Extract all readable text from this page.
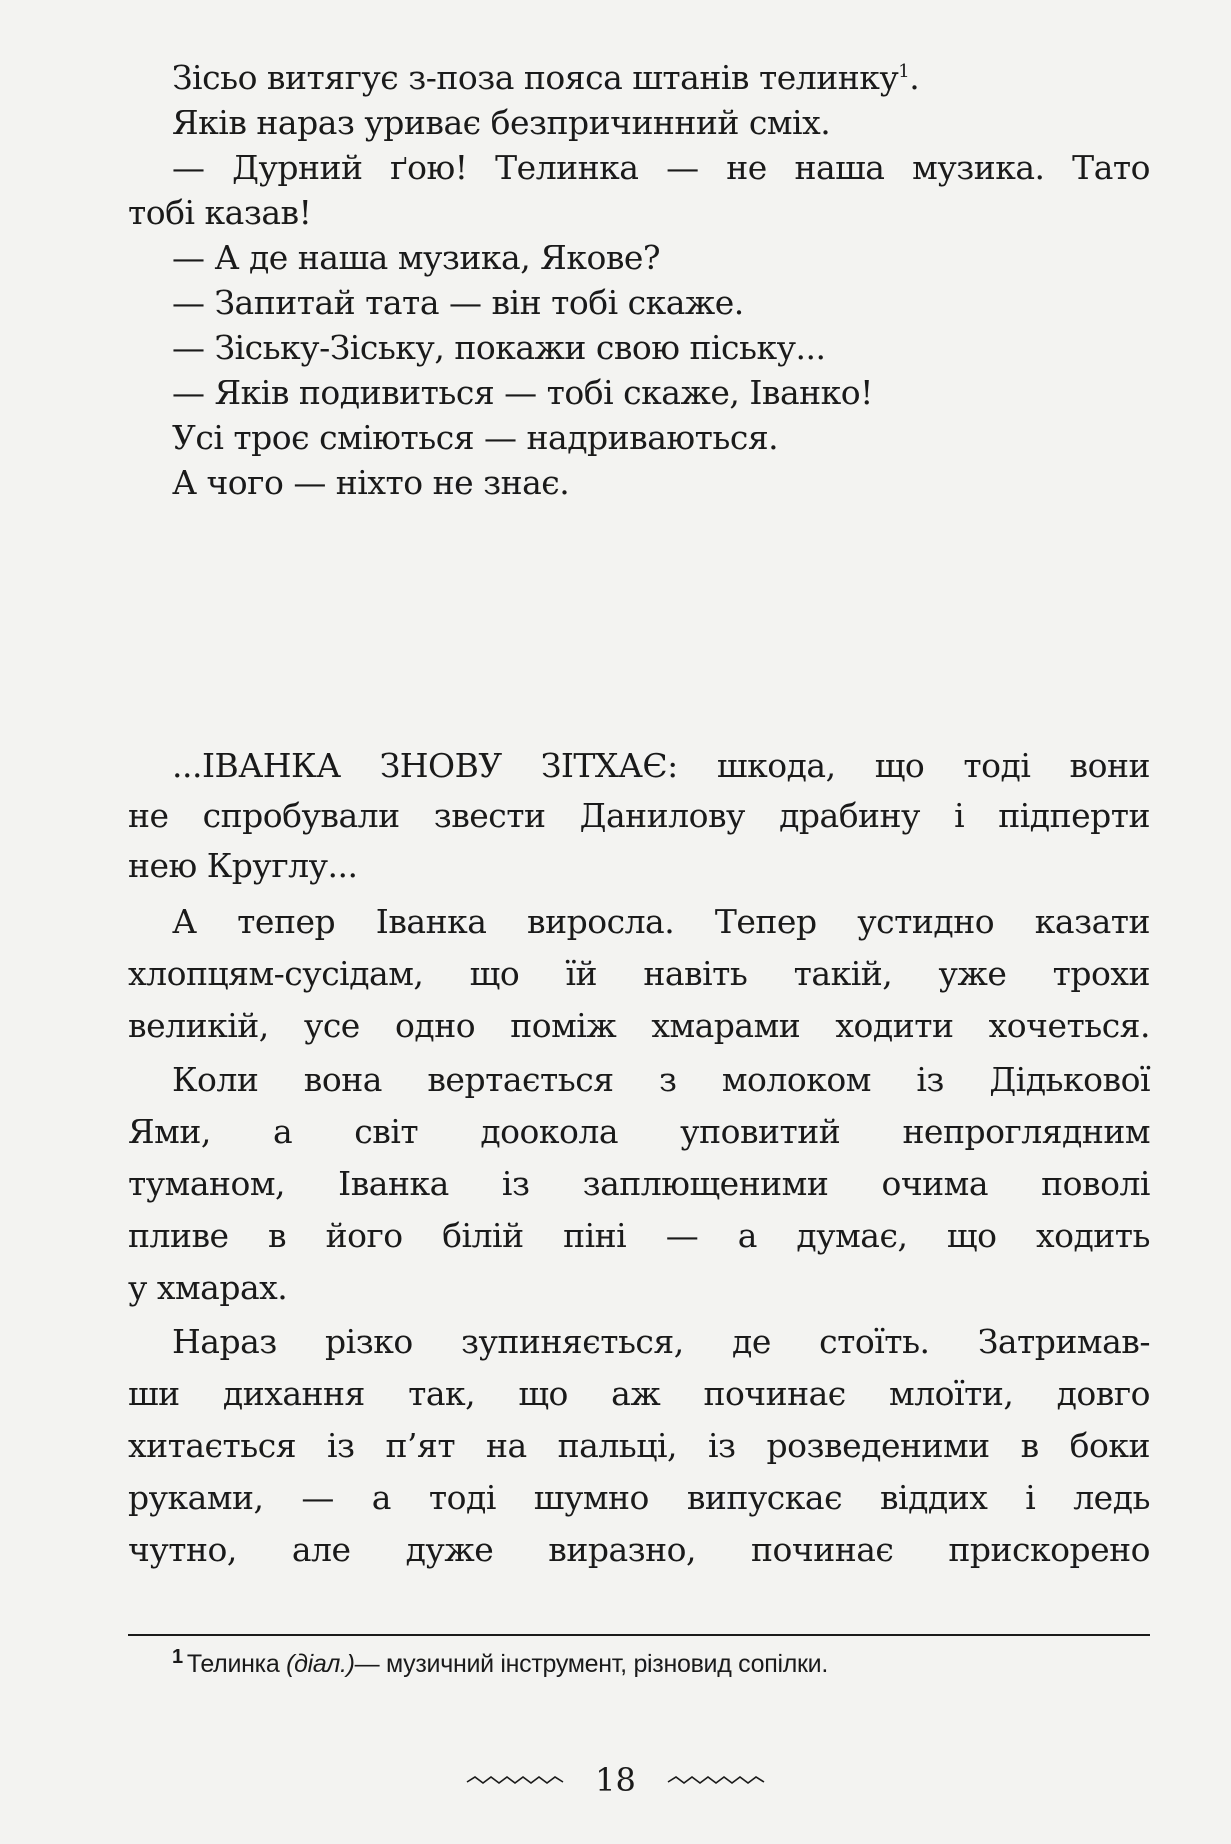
Зісьо витягує з-поза пояса штанів телинку$^1$.
Яків нараз уриває безпричинний сміх.
— Дурний ґою! Телинка — не наша музика. Тато
тобі казав!
— А де наша музика, Якове?
— Запитай тата — він тобі скаже.
— Зіську-Зіську, покажи свою піську...
— Яків подивиться — тобі скаже, Іванко!
Усі троє сміються — надриваються.
А чого — ніхто не знає.
...ІВАНКА ЗНОВУ ЗІТХАЄ: шкода, що тоді вони
не спробували звести Данилову драбину і підперти
нею Круглу...
А тепер Іванка виросла. Тепер устидно казати
хлопцям-сусідам, що їй навіть такій, уже трохи
великій, усе одно поміж хмарами ходити хочеться.
Коли вона вертається з молоком із Дідькової
Ями, а світ доокола уповитий непроглядним
туманом, Іванка із заплющеними очима поволі
пливе в його білій піні — а думає, що ходить
у хмарах.
Нараз різко зупиняється, де стоїть. Затримав-
ши дихання так, що аж починає млоїти, довго
хитається із п’ят на пальці, із розведеними в боки
руками, — а тоді шумно випускає віддих і ледь
чутно, але дуже виразно, починає прискорено
$^1$ Телинка (діал.)— музичний інструмент, різновид сопілки.
18
